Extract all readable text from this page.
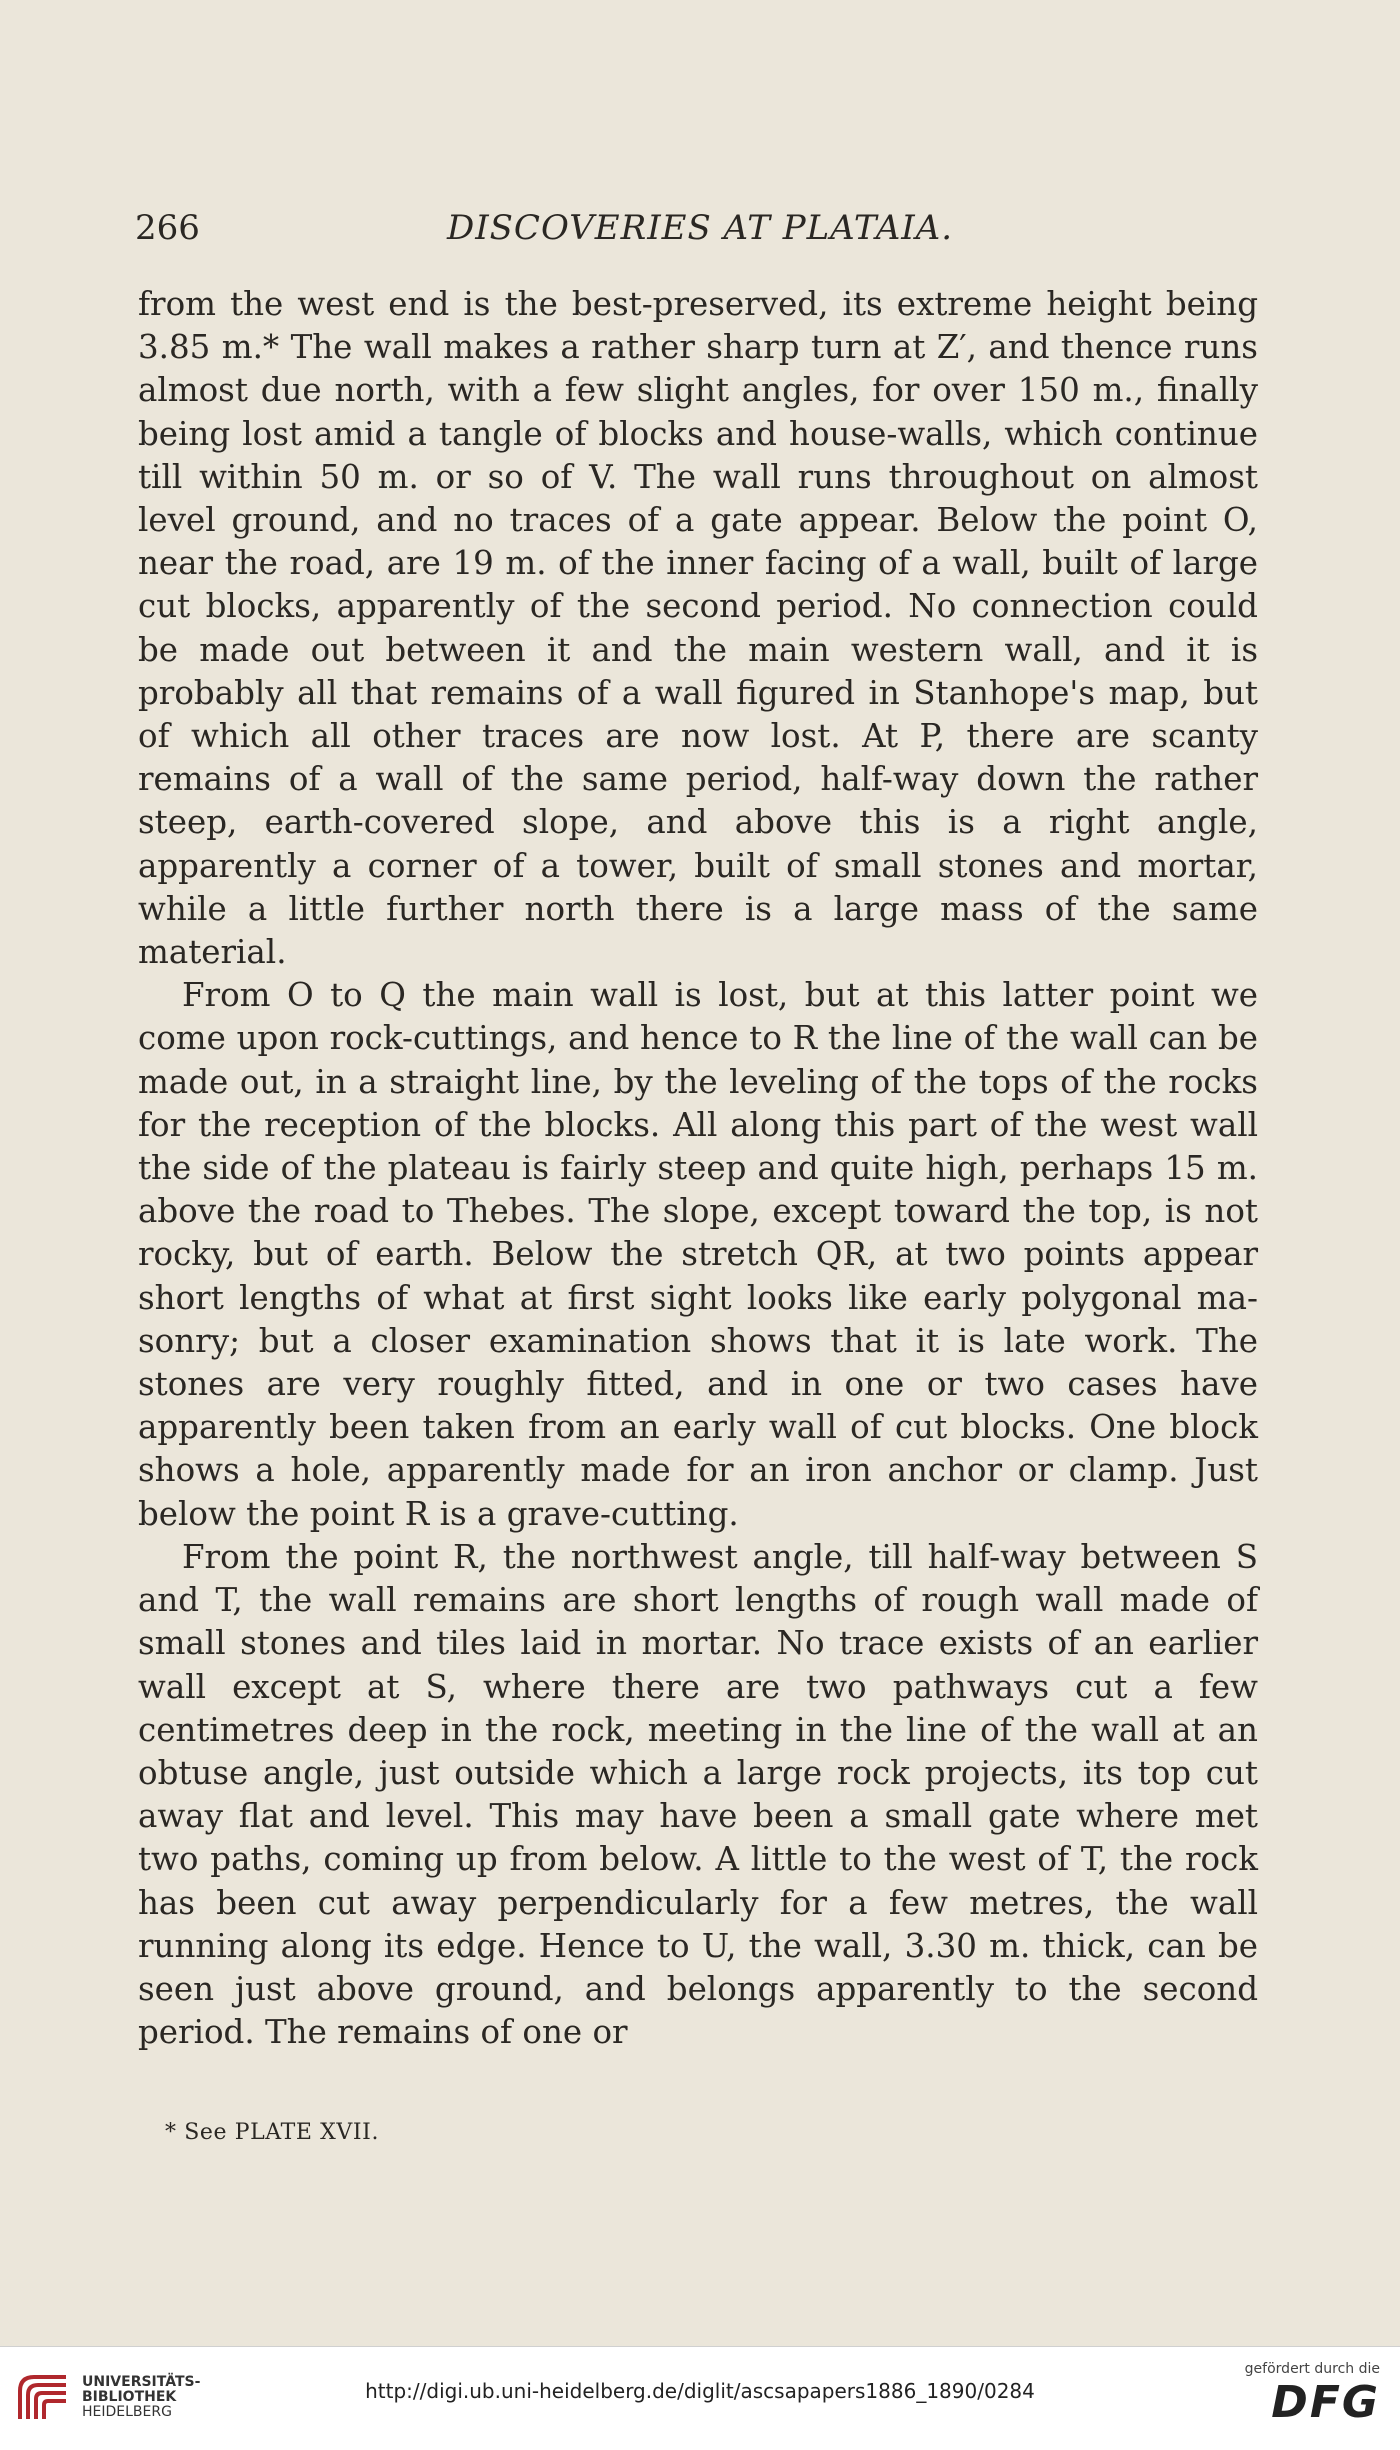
266	DISCOVERIES AT PLATAIA.

from the west end is the best-preserved, its extreme height being 3.85 m.* The wall makes a rather sharp turn at Z′, and thence runs almost due north, with a few slight angles, for over 150 m., finally being lost amid a tangle of blocks and house-walls, which continue till within 50 m. or so of V. The wall runs throughout on almost level ground, and no traces of a gate appear. Below the point O, near the road, are 19 m. of the inner facing of a wall, built of large cut blocks, apparently of the second period. No connection could be made out between it and the main western wall, and it is probably all that remains of a wall figured in Stanhope's map, but of which all other traces are now lost. At P, there are scanty remains of a wall of the same period, half-way down the rather steep, earth-covered slope, and above this is a right angle, apparently a corner of a tower, built of small stones and mortar, while a little further north there is a large mass of the same material.

From O to Q the main wall is lost, but at this latter point we come upon rock-cuttings, and hence to R the line of the wall can be made out, in a straight line, by the leveling of the tops of the rocks for the reception of the blocks. All along this part of the west wall the side of the plateau is fairly steep and quite high, perhaps 15 m. above the road to Thebes. The slope, except toward the top, is not rocky, but of earth. Below the stretch QR, at two points appear short lengths of what at first sight looks like early polygonal masonry; but a closer examination shows that it is late work. The stones are very roughly fitted, and in one or two cases have apparently been taken from an early wall of cut blocks. One block shows a hole, apparently made for an iron anchor or clamp. Just below the point R is a grave-cutting.

From the point R, the northwest angle, till half-way between S and T, the wall remains are short lengths of rough wall made of small stones and tiles laid in mortar. No trace exists of an earlier wall except at S, where there are two pathways cut a few centimetres deep in the rock, meeting in the line of the wall at an obtuse angle, just outside which a large rock projects, its top cut away flat and level. This may have been a small gate where met two paths, coming up from below. A little to the west of T, the rock has been cut away perpendicularly for a few metres, the wall running along its edge. Hence to U, the wall, 3.30 m. thick, can be seen just above ground, and belongs apparently to the second period. The remains of one or

* See PLATE XVII.
UNIVERSITÄTS-
BIBLIOTHEK
HEIDELBERG
http://digi.ub.uni-heidelberg.de/diglit/ascsapapers1886_1890/0284
gefördert durch die
DFG
